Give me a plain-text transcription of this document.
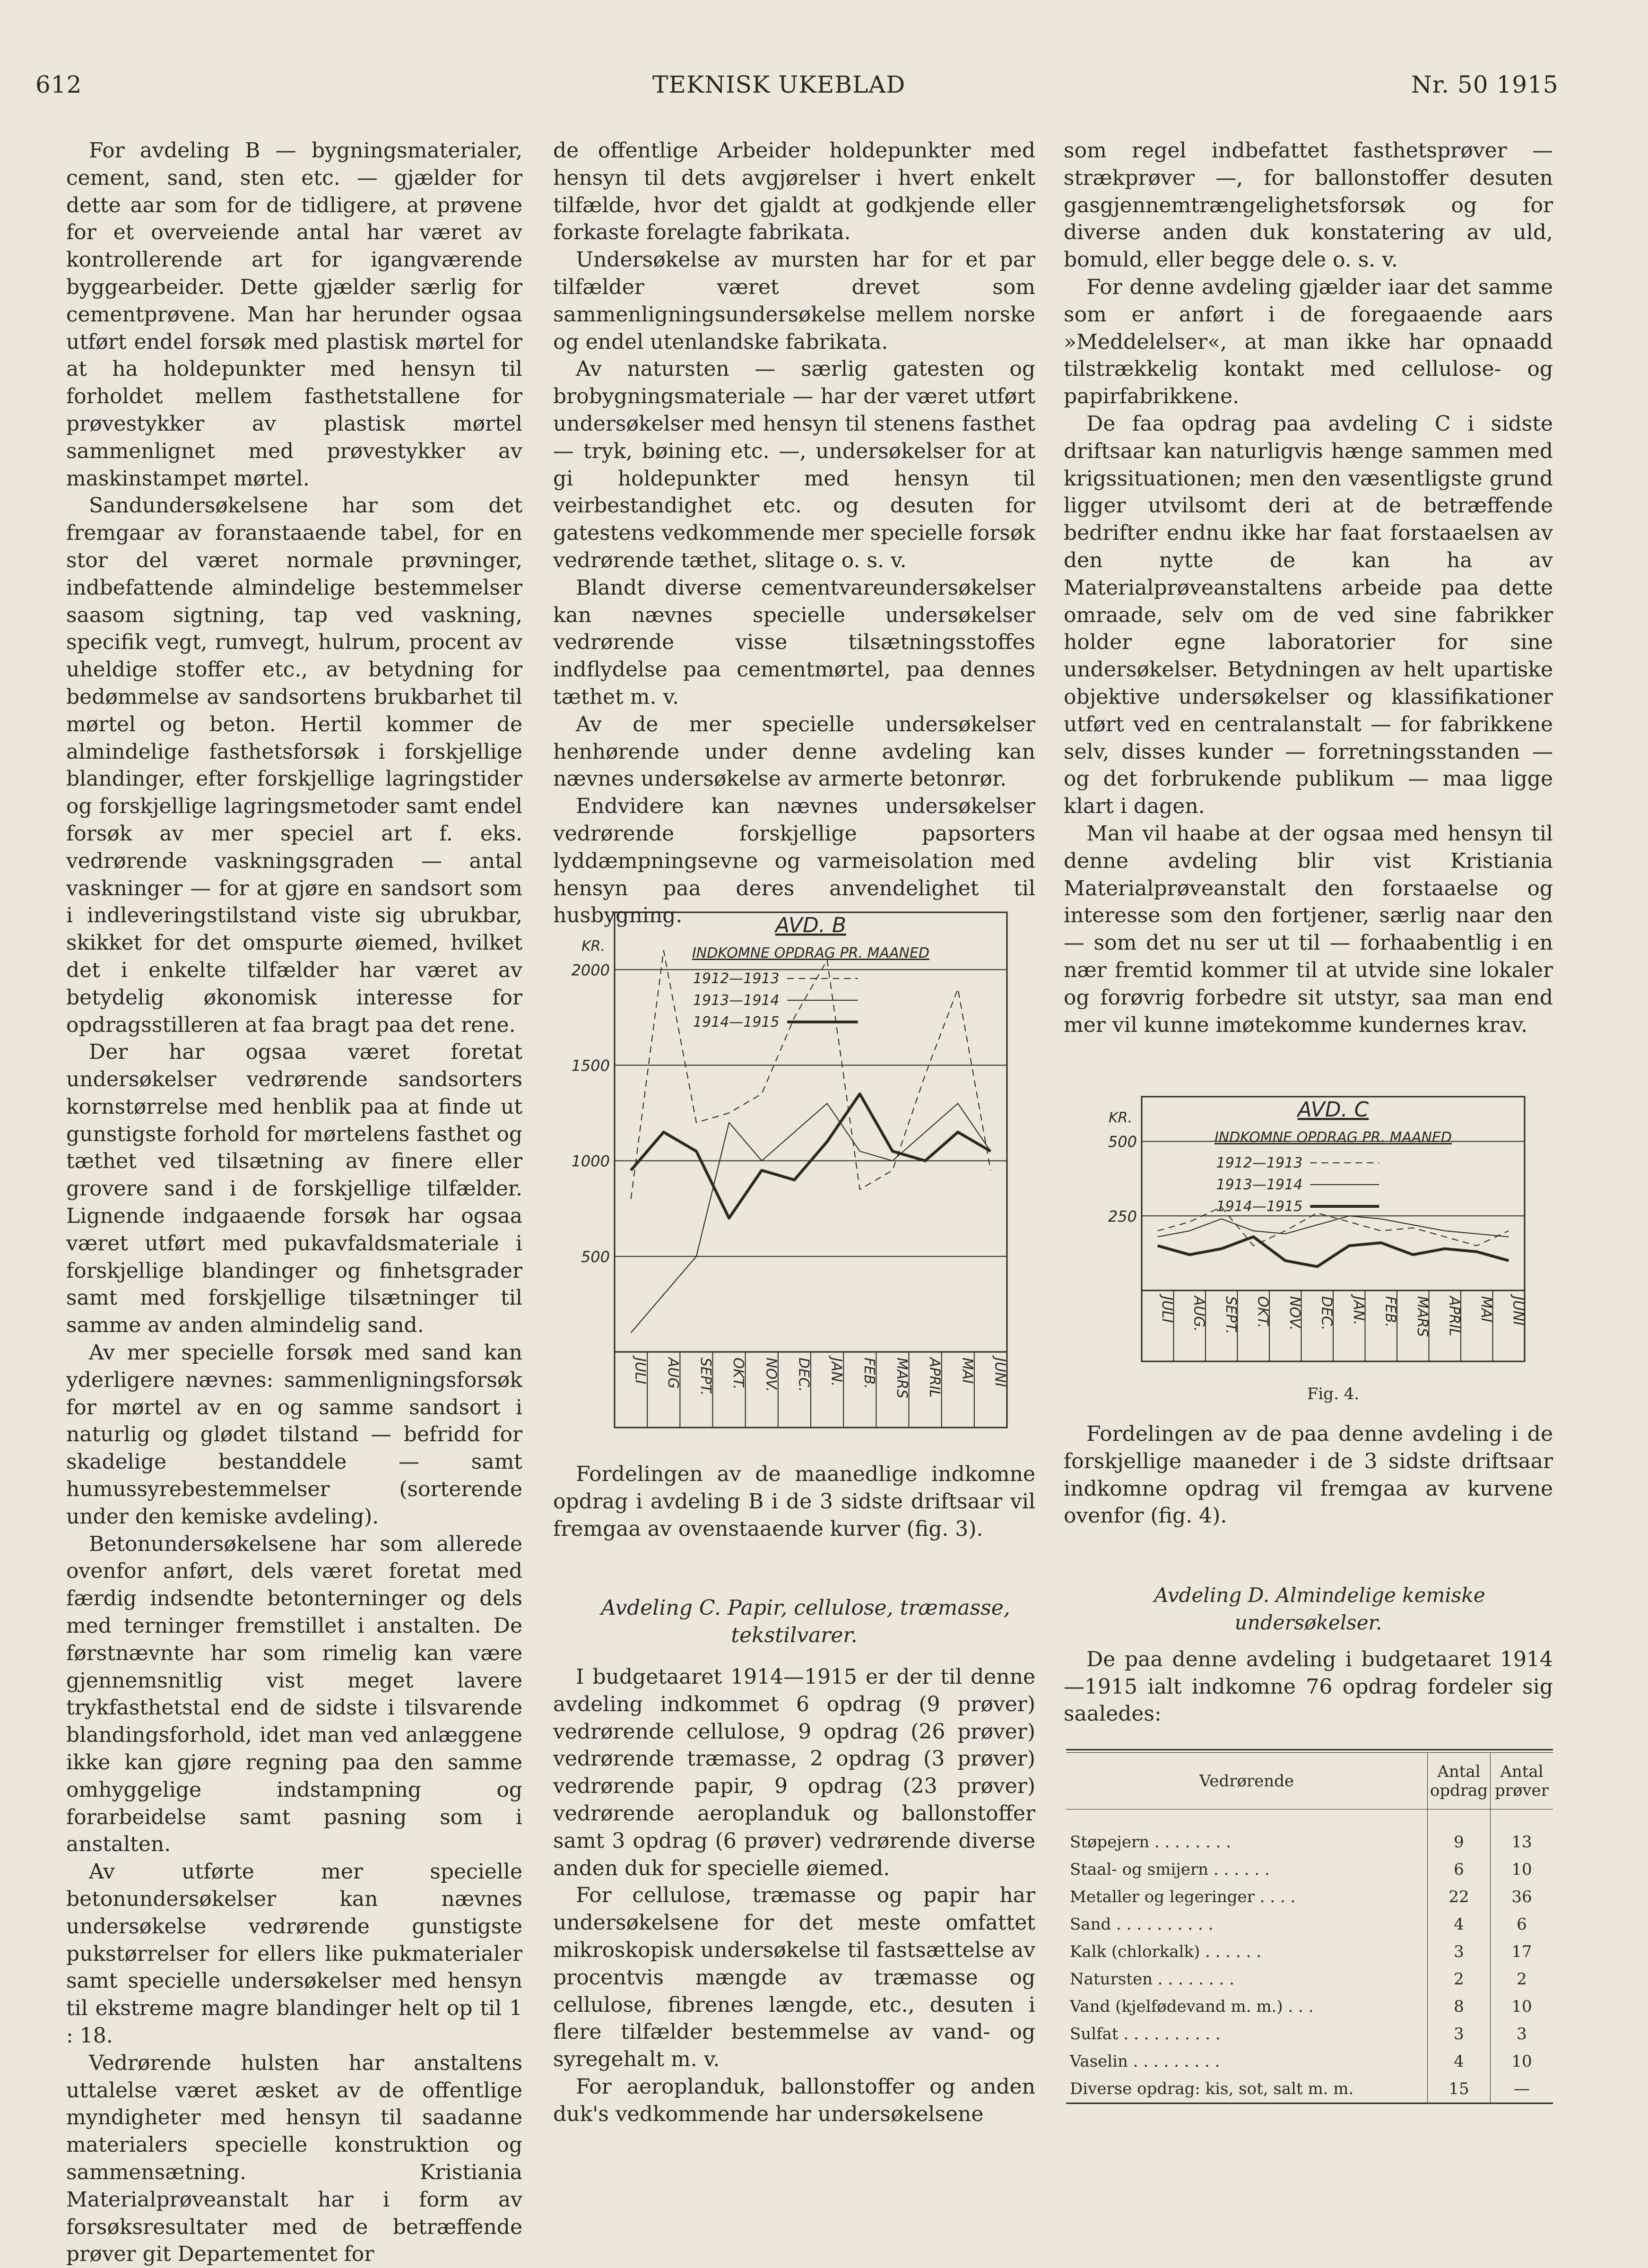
612	TEKNISK UKEBLAD	Nr. 50 1915

For avdeling B — bygningsmaterialer, cement, sand, sten etc. — gjælder for dette aar som for de tidligere, at prøvene for et overveiende antal har været av kontrollerende art for igangværende byggearbeider. Dette gjælder særlig for cementprøvene. Man har herunder ogsaa utført endel forsøk med plastisk mørtel for at ha holdepunkter med hensyn til forholdet mellem fasthetstallene for prøvestykker av plastisk mørtel sammenlignet med prøvestykker av maskinstampet mørtel.

Sandundersøkelsene har som det fremgaar av foranstaaende tabel, for en stor del været normale prøvninger, indbefattende almindelige bestemmelser saasom sigtning, tap ved vaskning, specifik vegt, rumvegt, hulrum, procent av uheldige stoffer etc., av betydning for bedømmelse av sandsortens brukbarhet til mørtel og beton. Hertil kommer de almindelige fasthetsforsøk i forskjellige blandinger, efter forskjellige lagringstider og forskjellige lagringsmetoder samt endel forsøk av mer speciel art f. eks. vedrørende vaskningsgraden — antal vaskninger — for at gjøre en sandsort som i indleveringstilstand viste sig ubrukbar, skikket for det omspurte øiemed, hvilket det i enkelte tilfælder har været av betydelig økonomisk interesse for opdragsstilleren at faa bragt paa det rene.

Der har ogsaa været foretat undersøkelser vedrørende sandsorters kornstørrelse med henblik paa at finde ut gunstigste forhold for mørtelens fasthet og tæthet ved tilsætning av finere eller grovere sand i de forskjellige tilfælder. Lignende indgaaende forsøk har ogsaa været utført med pukavfaldsmateriale i forskjellige blandinger og finhetsgrader samt med forskjellige tilsætninger til samme av anden almindelig sand.

Av mer specielle forsøk med sand kan yderligere nævnes: sammenligningsforsøk for mørtel av en og samme sandsort i naturlig og glødet tilstand — befridd for skadelige bestanddele — samt humussyrebestemmelser (sorterende under den kemiske avdeling).

Betonundersøkelsene har som allerede ovenfor anført, dels været foretat med færdig indsendte betonterninger og dels med terninger fremstillet i anstalten. De førstnævnte har som rimelig kan være gjennemsnitlig vist meget lavere trykfasthetstal end de sidste i tilsvarende blandingsforhold, idet man ved anlæggene ikke kan gjøre regning paa den samme omhyggelige indstampning og forarbeidelse samt pasning som i anstalten.

Av utførte mer specielle betonundersøkelser kan nævnes undersøkelse vedrørende gunstigste pukstørrelser for ellers like pukmaterialer samt specielle undersøkelser med hensyn til ekstreme magre blandinger helt op til 1 : 18.

Vedrørende hulsten har anstaltens uttalelse været æsket av de offentlige myndigheter med hensyn til saadanne materialers specielle konstruktion og sammensætning. Kristiania Materialprøveanstalt har i form av forsøksresultater med de betræffende prøver git Departementet for

de offentlige Arbeider holdepunkter med hensyn til dets avgjørelser i hvert enkelt tilfælde, hvor det gjaldt at godkjende eller forkaste forelagte fabrikata.

Undersøkelse av mursten har for et par tilfælder været drevet som sammenligningsundersøkelse mellem norske og endel utenlandske fabrikata.

Av natursten — særlig gatesten og brobygningsmateriale — har der været utført undersøkelser med hensyn til stenens fasthet — tryk, bøining etc. —, undersøkelser for at gi holdepunkter med hensyn til veirbestandighet etc. og desuten for gatestens vedkommende mer specielle forsøk vedrørende tæthet, slitage o. s. v.

Blandt diverse cementvareundersøkelser kan nævnes specielle undersøkelser vedrørende visse tilsætningsstoffes indflydelse paa cementmørtel, paa dennes tæthet m. v.

Av de mer specielle undersøkelser henhørende under denne avdeling kan nævnes undersøkelse av armerte betonrør.

Endvidere kan nævnes undersøkelser vedrørende forskjellige papsorters lyddæmpningsevne og varmeisolation med hensyn paa deres anvendelighet til husbygning.

500
1000
1500
2000
KR.
JULI AUG SEPT. OKT. NOV. DEC. JAN. FEB. MARS APRIL MAI JUNI
AVD. B
INDKOMNE OPDRAG PR. MAANED
1912—1913
1913—1914
1914—1915

Fordelingen av de maanedlige indkomne opdrag i avdeling B i de 3 sidste driftsaar vil fremgaa av ovenstaaende kurver (fig. 3).

Avdeling C. Papir, cellulose, træmasse, tekstilvarer.

I budgetaaret 1914—1915 er der til denne avdeling indkommet 6 opdrag (9 prøver) vedrørende cellulose, 9 opdrag (26 prøver) vedrørende træmasse, 2 opdrag (3 prøver) vedrørende papir, 9 opdrag (23 prøver) vedrørende aeroplanduk og ballonstoffer samt 3 opdrag (6 prøver) vedrørende diverse anden duk for specielle øiemed.

For cellulose, træmasse og papir har undersøkelsene for det meste omfattet mikroskopisk undersøkelse til fastsættelse av procentvis mængde av træmasse og cellulose, fibrenes længde, etc., desuten i flere tilfælder bestemmelse av vand- og syregehalt m. v.

For aeroplanduk, ballonstoffer og anden duk's vedkommende har undersøkelsene

som regel indbefattet fasthetsprøver — strækprøver —, for ballonstoffer desuten gasgjennemtrængelighetsforsøk og for diverse anden duk konstatering av uld, bomuld, eller begge dele o. s. v.

For denne avdeling gjælder iaar det samme som er anført i de foregaaende aars »Meddelelser«, at man ikke har opnaadd tilstrækkelig kontakt med cellulose- og papirfabrikkene.

De faa opdrag paa avdeling C i sidste driftsaar kan naturligvis hænge sammen med krigssituationen; men den væsentligste grund ligger utvilsomt deri at de betræffende bedrifter endnu ikke har faat forstaaelsen av den nytte de kan ha av Materialprøveanstaltens arbeide paa dette omraade, selv om de ved sine fabrikker holder egne laboratorier for sine undersøkelser. Betydningen av helt upartiske objektive undersøkelser og klassifikationer utført ved en centralanstalt — for fabrikkene selv, disses kunder — forretningsstanden — og det forbrukende publikum — maa ligge klart i dagen.

Man vil haabe at der ogsaa med hensyn til denne avdeling blir vist Kristiania Materialprøveanstalt den forstaaelse og interesse som den fortjener, særlig naar den — som det nu ser ut til — forhaabentlig i en nær fremtid kommer til at utvide sine lokaler og forøvrig forbedre sit utstyr, saa man end mer vil kunne imøtekomme kundernes krav.

250
500
KR.
JULI AUG. SEPT. OKT. NOV. DEC. JAN. FEB. MARS APRIL MAI JUNI
AVD. C
INDKOMNE OPDRAG PR. MAANED
1912—1913
1913—1914
1914—1915
Fig. 4.

Fordelingen av de paa denne avdeling i de forskjellige maaneder i de 3 sidste driftsaar indkomne opdrag vil fremgaa av kurvene ovenfor (fig. 4).

Avdeling D. Almindelige kemiske undersøkelser.

De paa denne avdeling i budgetaaret 1914—1915 ialt indkomne 76 opdrag fordeler sig saaledes:

Vedrørende	Antal opdrag	Antal prøver
Støpejern . . . . . . . .	9	13
Staal- og smijern . . . . . .	6	10
Metaller og legeringer . . . .	22	36
Sand . . . . . . . . . .	4	6
Kalk (chlorkalk) . . . . . .	3	17
Natursten . . . . . . . .	2	2
Vand (kjelfødevand m. m.) . . .	8	10
Sulfat . . . . . . . . . .	3	3
Vaselin . . . . . . . . .	4	10
Diverse opdrag: kis, sot, salt m. m.	15	—
